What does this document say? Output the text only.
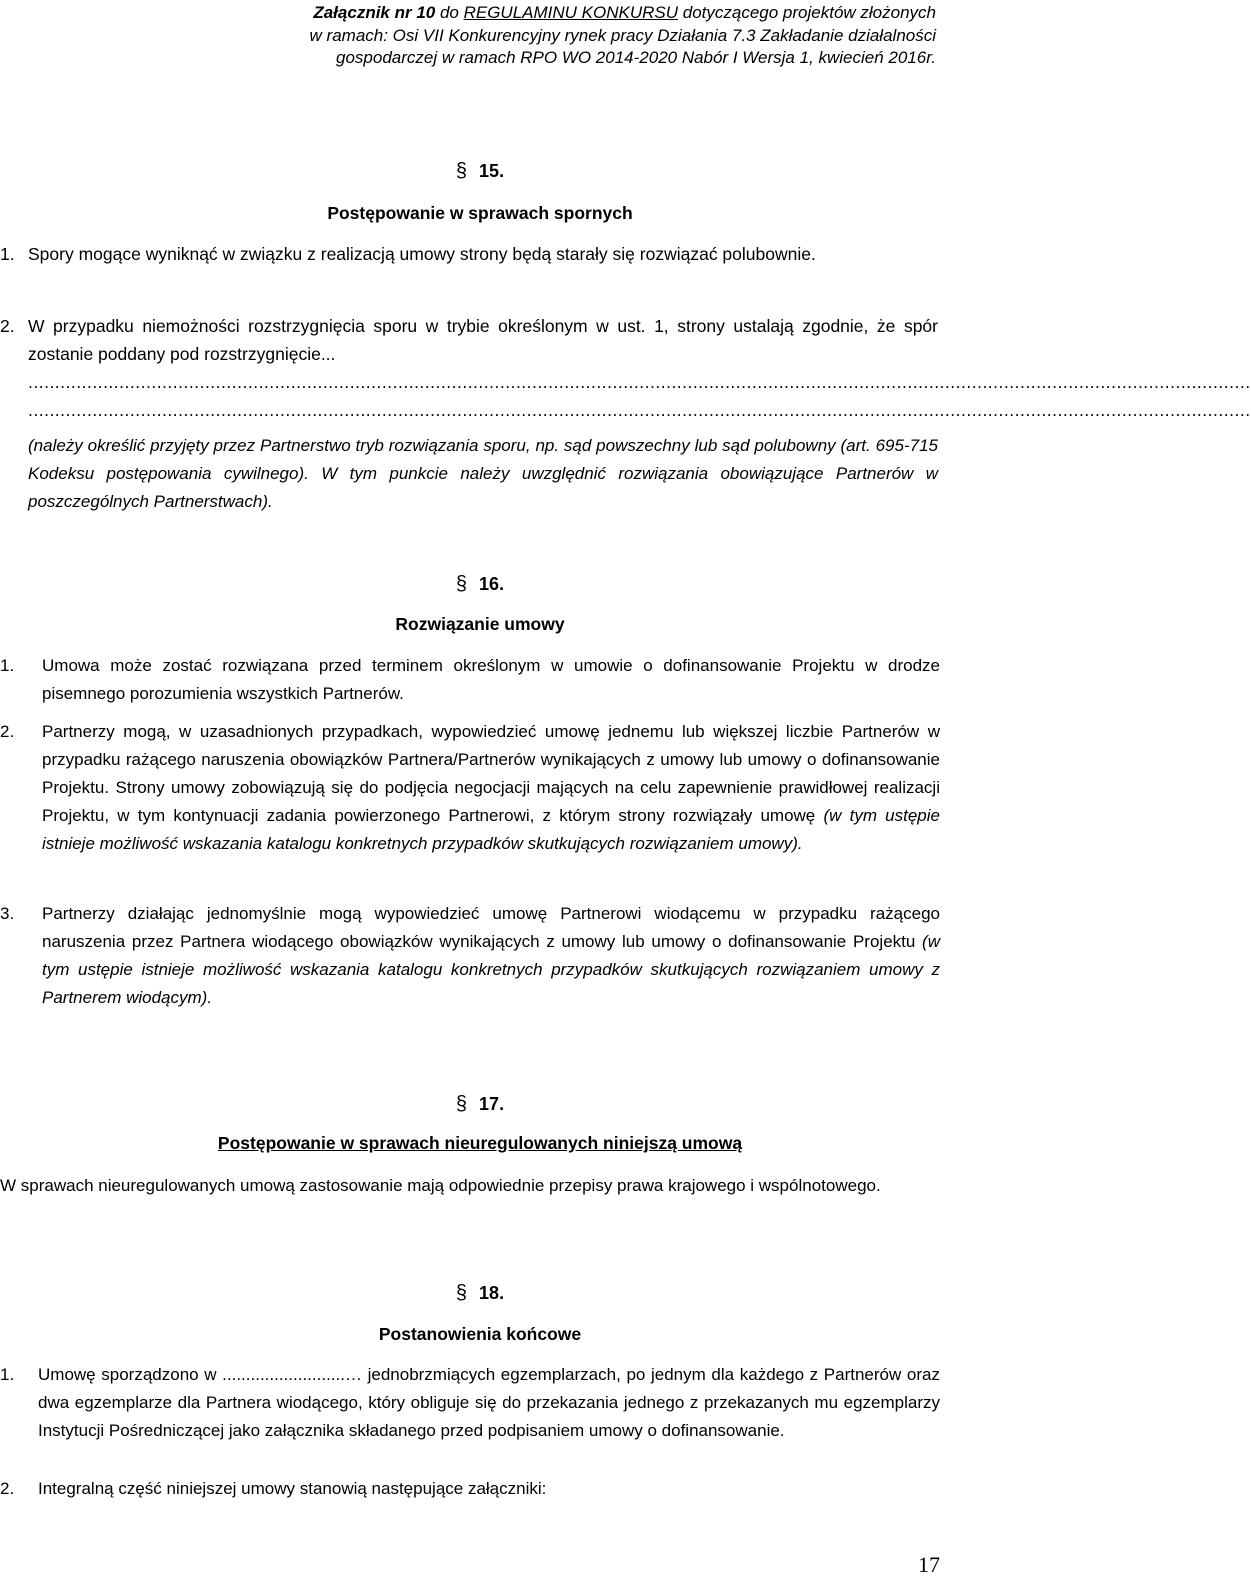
Załącznik nr 10 do REGULAMINU KONKURSU dotyczącego projektów złożonych
w ramach: Osi VII Konkurencyjny rynek pracy Działania 7.3 Zakładanie działalności
gospodarczej w ramach RPO WO 2014-2020 Nabór I Wersja 1, kwiecień 2016r.
§ 15.
Postępowanie w sprawach spornych
1. Spory mogące wyniknąć w związku z realizacją umowy strony będą starały się rozwiązać polubownie.
2. W przypadku niemożności rozstrzygnięcia sporu w trybie określonym w ust. 1, strony ustalają zgodnie, że spór zostanie poddany pod rozstrzygnięcie...
....................................................................................................................................................................................................................................
....................................................................................................................................................................................................................................
(należy określić przyjęty przez Partnerstwo tryb rozwiązania sporu, np. sąd powszechny lub sąd polubowny (art. 695-715 Kodeksu postępowania cywilnego). W tym punkcie należy uwzględnić rozwiązania obowiązujące Partnerów w poszczególnych Partnerstwach).
§ 16.
Rozwiązanie umowy
1. Umowa może zostać rozwiązana przed terminem określonym w umowie o dofinansowanie Projektu w drodze pisemnego porozumienia wszystkich Partnerów.
2. Partnerzy mogą, w uzasadnionych przypadkach, wypowiedzieć umowę jednemu lub większej liczbie Partnerów w przypadku rażącego naruszenia obowiązków Partnera/Partnerów wynikających z umowy lub umowy o dofinansowanie Projektu. Strony umowy zobowiązują się do podjęcia negocjacji mających na celu zapewnienie prawidłowej realizacji Projektu, w tym kontynuacji zadania powierzonego Partnerowi, z którym strony rozwiązały umowę (w tym ustępie istnieje możliwość wskazania katalogu konkretnych przypadków skutkujących rozwiązaniem umowy).
3. Partnerzy działając jednomyślnie mogą wypowiedzieć umowę Partnerowi wiodącemu w przypadku rażącego naruszenia przez Partnera wiodącego obowiązków wynikających z umowy lub umowy o dofinansowanie Projektu (w tym ustępie istnieje możliwość wskazania katalogu konkretnych przypadków skutkujących rozwiązaniem umowy z Partnerem wiodącym).
§ 17.
Postępowanie w sprawach nieuregulowanych niniejszą umową
W sprawach nieuregulowanych umową zastosowanie mają odpowiednie przepisy prawa krajowego i wspólnotowego.
§ 18.
Postanowienia końcowe
1. Umowę sporządzono w ..........................… jednobrzmiących egzemplarzach, po jednym dla każdego z Partnerów oraz dwa egzemplarze dla Partnera wiodącego, który obliguje się do przekazania jednego z przekazanych mu egzemplarzy Instytucji Pośredniczącej jako załącznika składanego przed podpisaniem umowy o dofinansowanie.
2. Integralną część niniejszej umowy stanowią następujące załączniki:
17
